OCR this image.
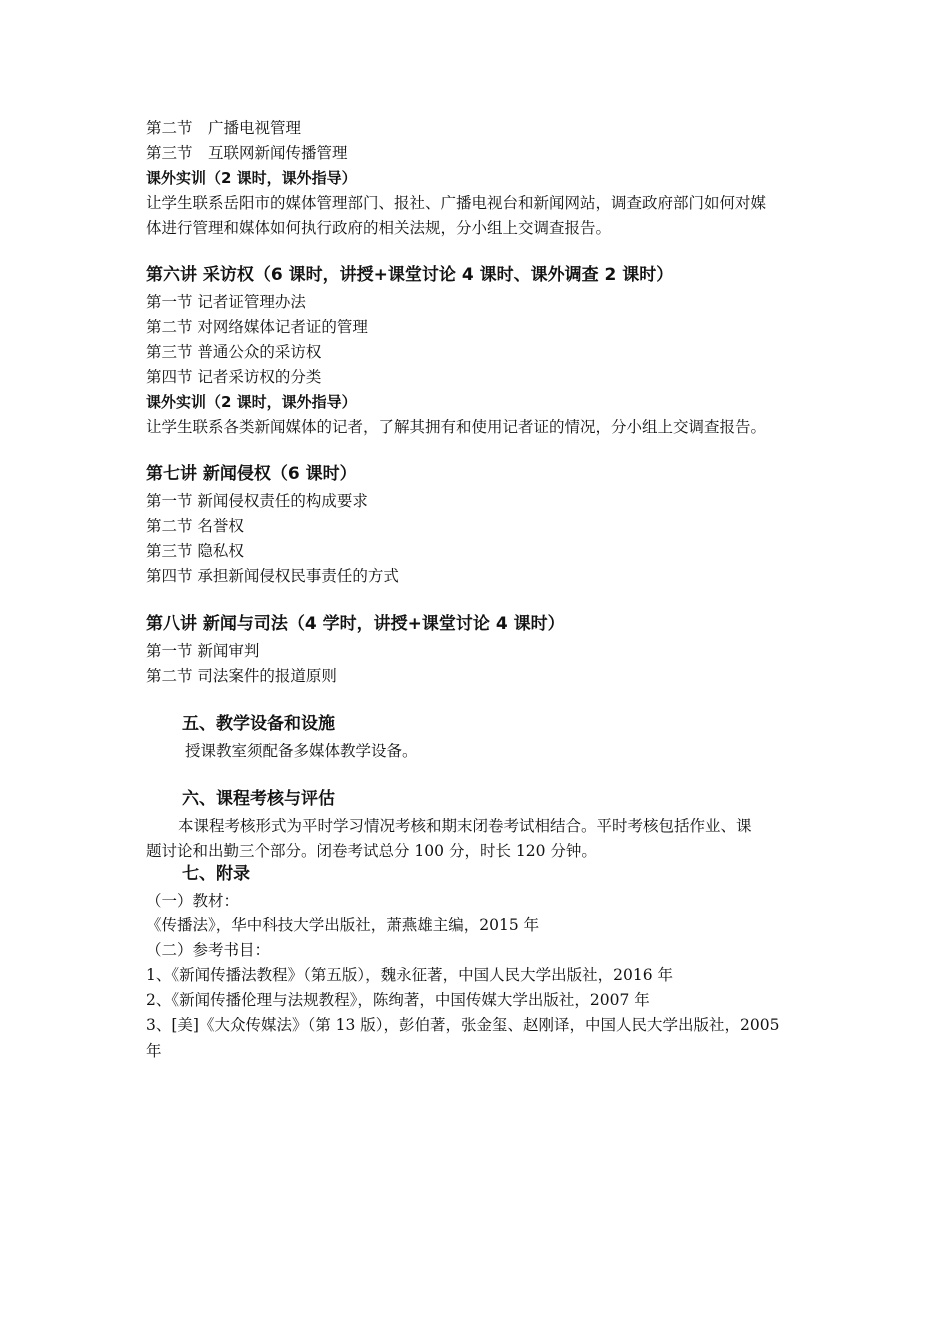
第二节　广播电视管理
第三节　互联网新闻传播管理
课外实训（2 课时，课外指导）
让学生联系岳阳市的媒体管理部门、报社、广播电视台和新闻网站，调查政府部门如何对媒
体进行管理和媒体如何执行政府的相关法规，分小组上交调查报告。
第六讲 采访权（6 课时，讲授+课堂讨论 4 课时、课外调查 2 课时）
第一节 记者证管理办法
第二节 对网络媒体记者证的管理
第三节 普通公众的采访权
第四节 记者采访权的分类
课外实训（2 课时，课外指导）
让学生联系各类新闻媒体的记者，了解其拥有和使用记者证的情况，分小组上交调查报告。
第七讲 新闻侵权（6 课时）
第一节 新闻侵权责任的构成要求
第二节 名誉权
第三节 隐私权
第四节 承担新闻侵权民事责任的方式
第八讲 新闻与司法（4 学时，讲授+课堂讨论 4 课时）
第一节 新闻审判
第二节 司法案件的报道原则
五、教学设备和设施
授课教室须配备多媒体教学设备。
六、课程考核与评估
本课程考核形式为平时学习情况考核和期末闭卷考试相结合。平时考核包括作业、课
题讨论和出勤三个部分。闭卷考试总分 100 分，时长 120 分钟。
七、附录
（一）教材：
《传播法》，华中科技大学出版社，萧燕雄主编，2015 年
（二）参考书目：
1、《新闻传播法教程》（第五版），魏永征著，中国人民大学出版社，2016 年
2、《新闻传播伦理与法规教程》，陈绚著，中国传媒大学出版社，2007 年
3、[美]《大众传媒法》（第 13 版），彭伯著，张金玺、赵刚译，中国人民大学出版社，2005
年
